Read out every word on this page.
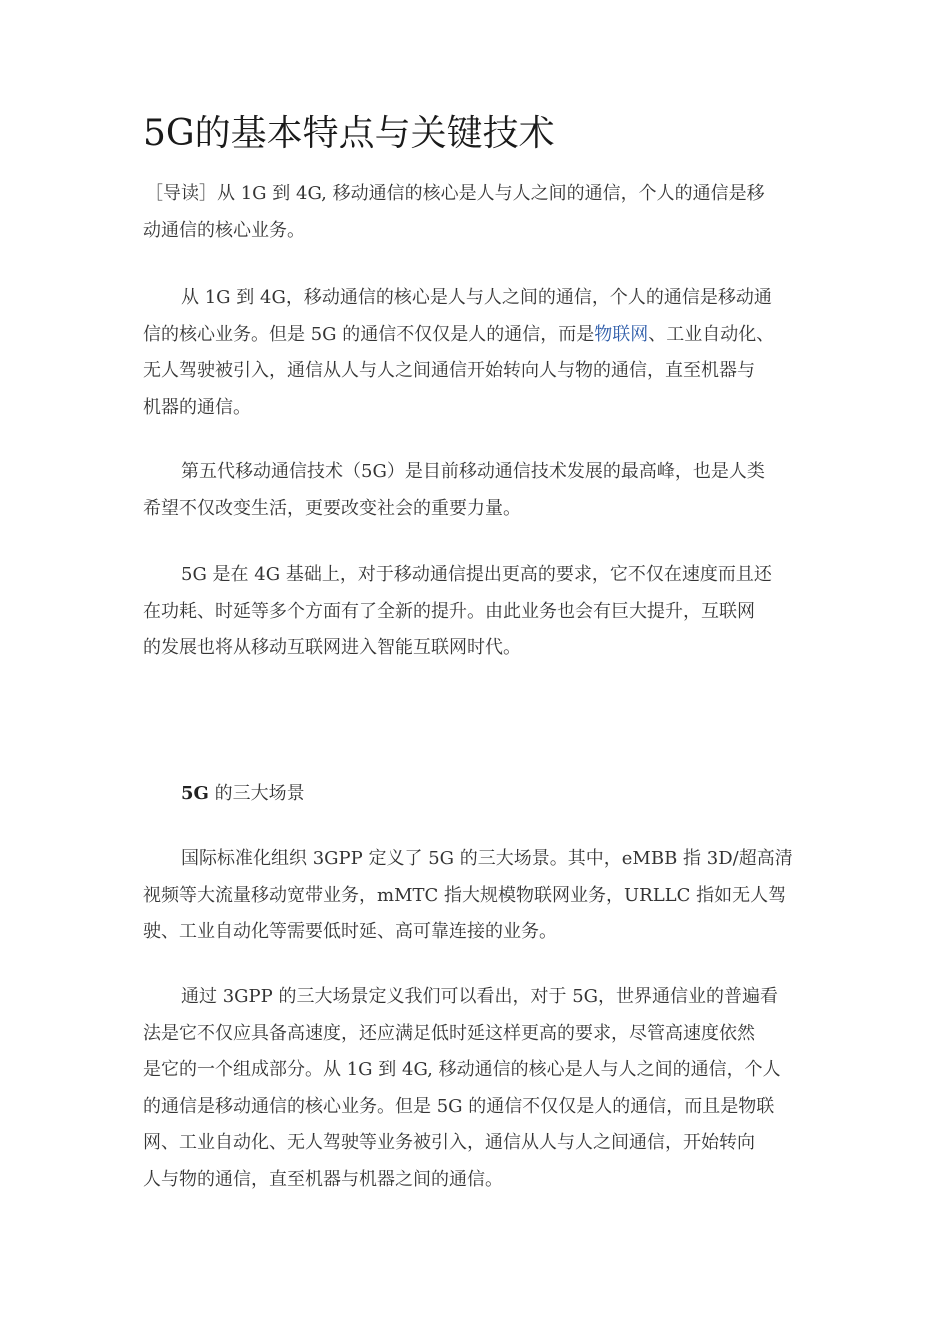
5G的基本特点与关键技术
［导读］从 1G 到 4G, 移动通信的核心是人与人之间的通信，个人的通信是移
动通信的核心业务。
从 1G 到 4G，移动通信的核心是人与人之间的通信，个人的通信是移动通
信的核心业务。但是 5G 的通信不仅仅是人的通信，而是物联网、工业自动化、
无人驾驶被引入，通信从人与人之间通信开始转向人与物的通信，直至机器与
机器的通信。
第五代移动通信技术（5G）是目前移动通信技术发展的最高峰，也是人类
希望不仅改变生活，更要改变社会的重要力量。
5G 是在 4G 基础上，对于移动通信提出更高的要求，它不仅在速度而且还
在功耗、时延等多个方面有了全新的提升。由此业务也会有巨大提升，互联网
的发展也将从移动互联网进入智能互联网时代。
5G 的三大场景
国际标准化组织 3GPP 定义了 5G 的三大场景。其中，eMBB 指 3D/超高清
视频等大流量移动宽带业务，mMTC 指大规模物联网业务，URLLC 指如无人驾
驶、工业自动化等需要低时延、高可靠连接的业务。
通过 3GPP 的三大场景定义我们可以看出，对于 5G，世界通信业的普遍看
法是它不仅应具备高速度，还应满足低时延这样更高的要求，尽管高速度依然
是它的一个组成部分。从 1G 到 4G, 移动通信的核心是人与人之间的通信，个人
的通信是移动通信的核心业务。但是 5G 的通信不仅仅是人的通信，而且是物联
网、工业自动化、无人驾驶等业务被引入，通信从人与人之间通信，开始转向
人与物的通信，直至机器与机器之间的通信。
